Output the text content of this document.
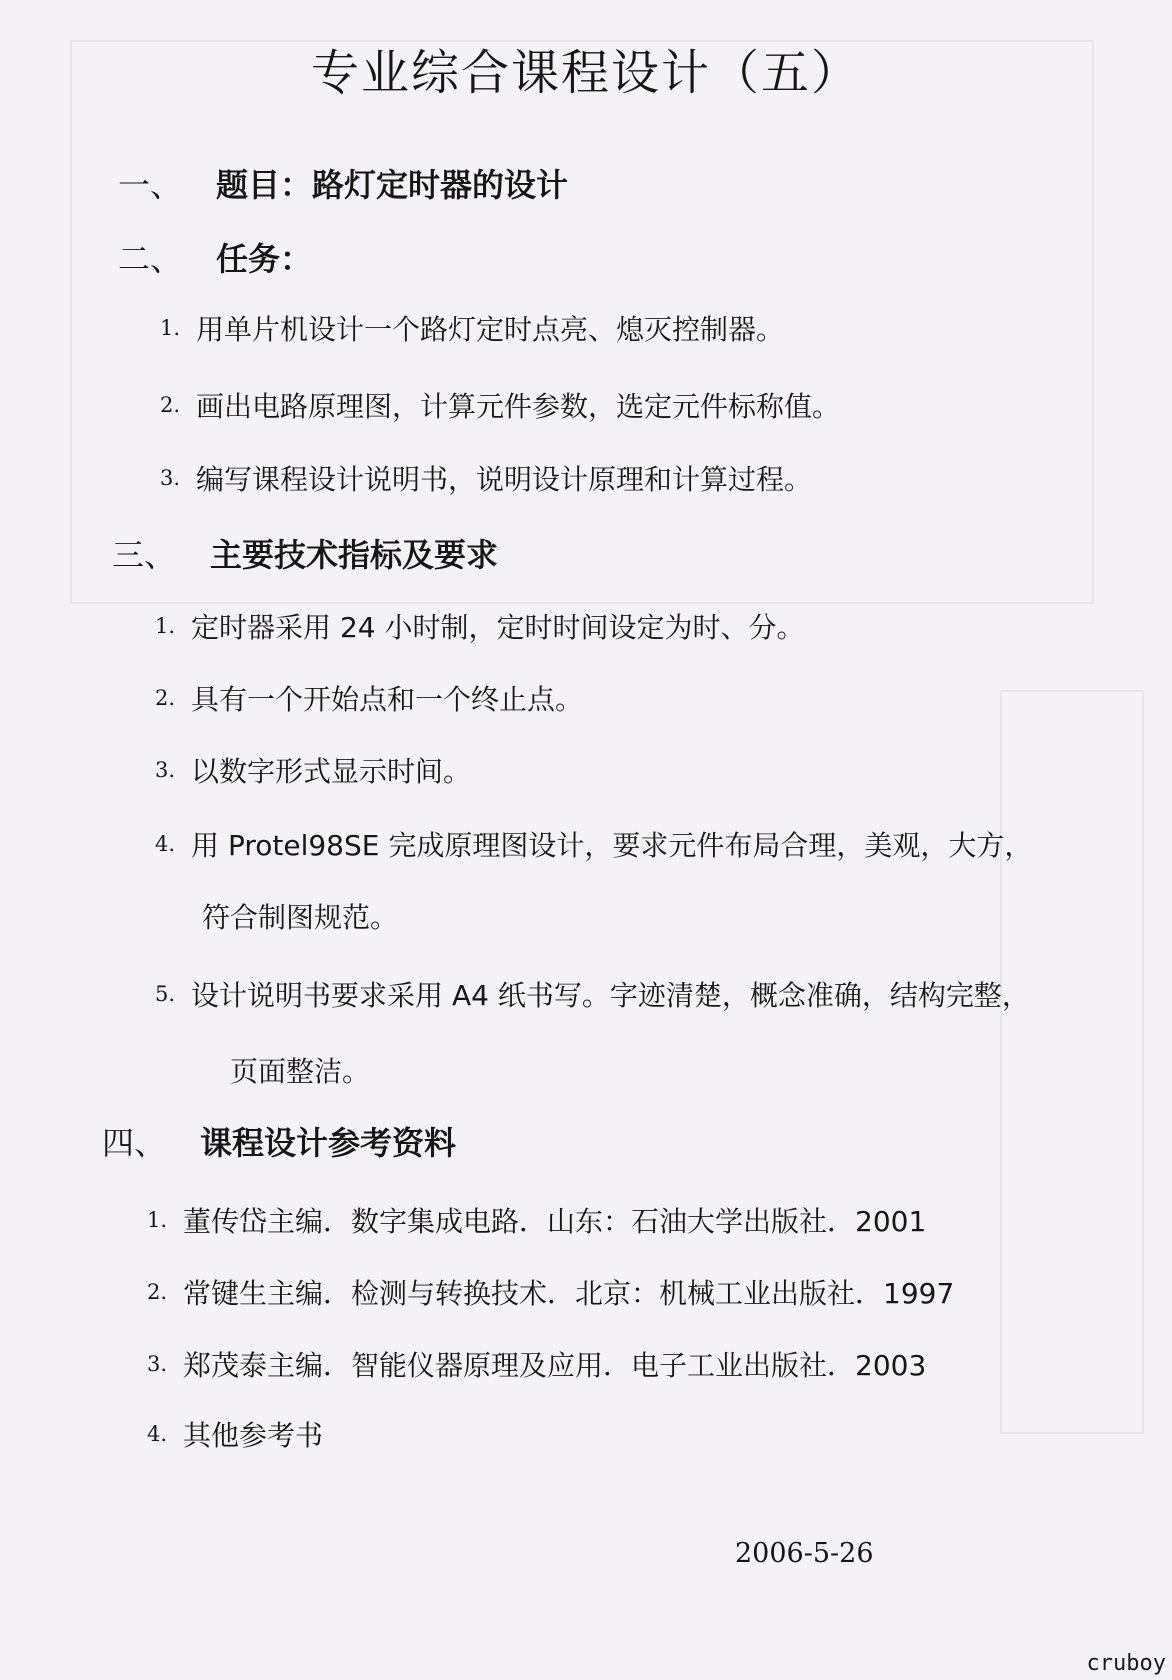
专业综合课程设计（五）
一、 题目：路灯定时器的设计
二、 任务：
1. 用单片机设计一个路灯定时点亮、熄灭控制器。
2. 画出电路原理图，计算元件参数，选定元件标称值。
3. 编写课程设计说明书，说明设计原理和计算过程。
三、 主要技术指标及要求
1. 定时器采用 24 小时制，定时时间设定为时、分。
2. 具有一个开始点和一个终止点。
3. 以数字形式显示时间。
4. 用 Protel98SE 完成原理图设计，要求元件布局合理，美观，大方，
符合制图规范。
5. 设计说明书要求采用 A4 纸书写。字迹清楚，概念准确，结构完整，
页面整洁。
四、 课程设计参考资料
1. 董传岱主编．数字集成电路．山东：石油大学出版社．2001
2. 常键生主编．检测与转换技术．北京：机械工业出版社．1997
3. 郑茂泰主编．智能仪器原理及应用．电子工业出版社．2003
4. 其他参考书
2006-5-26
cruboy
